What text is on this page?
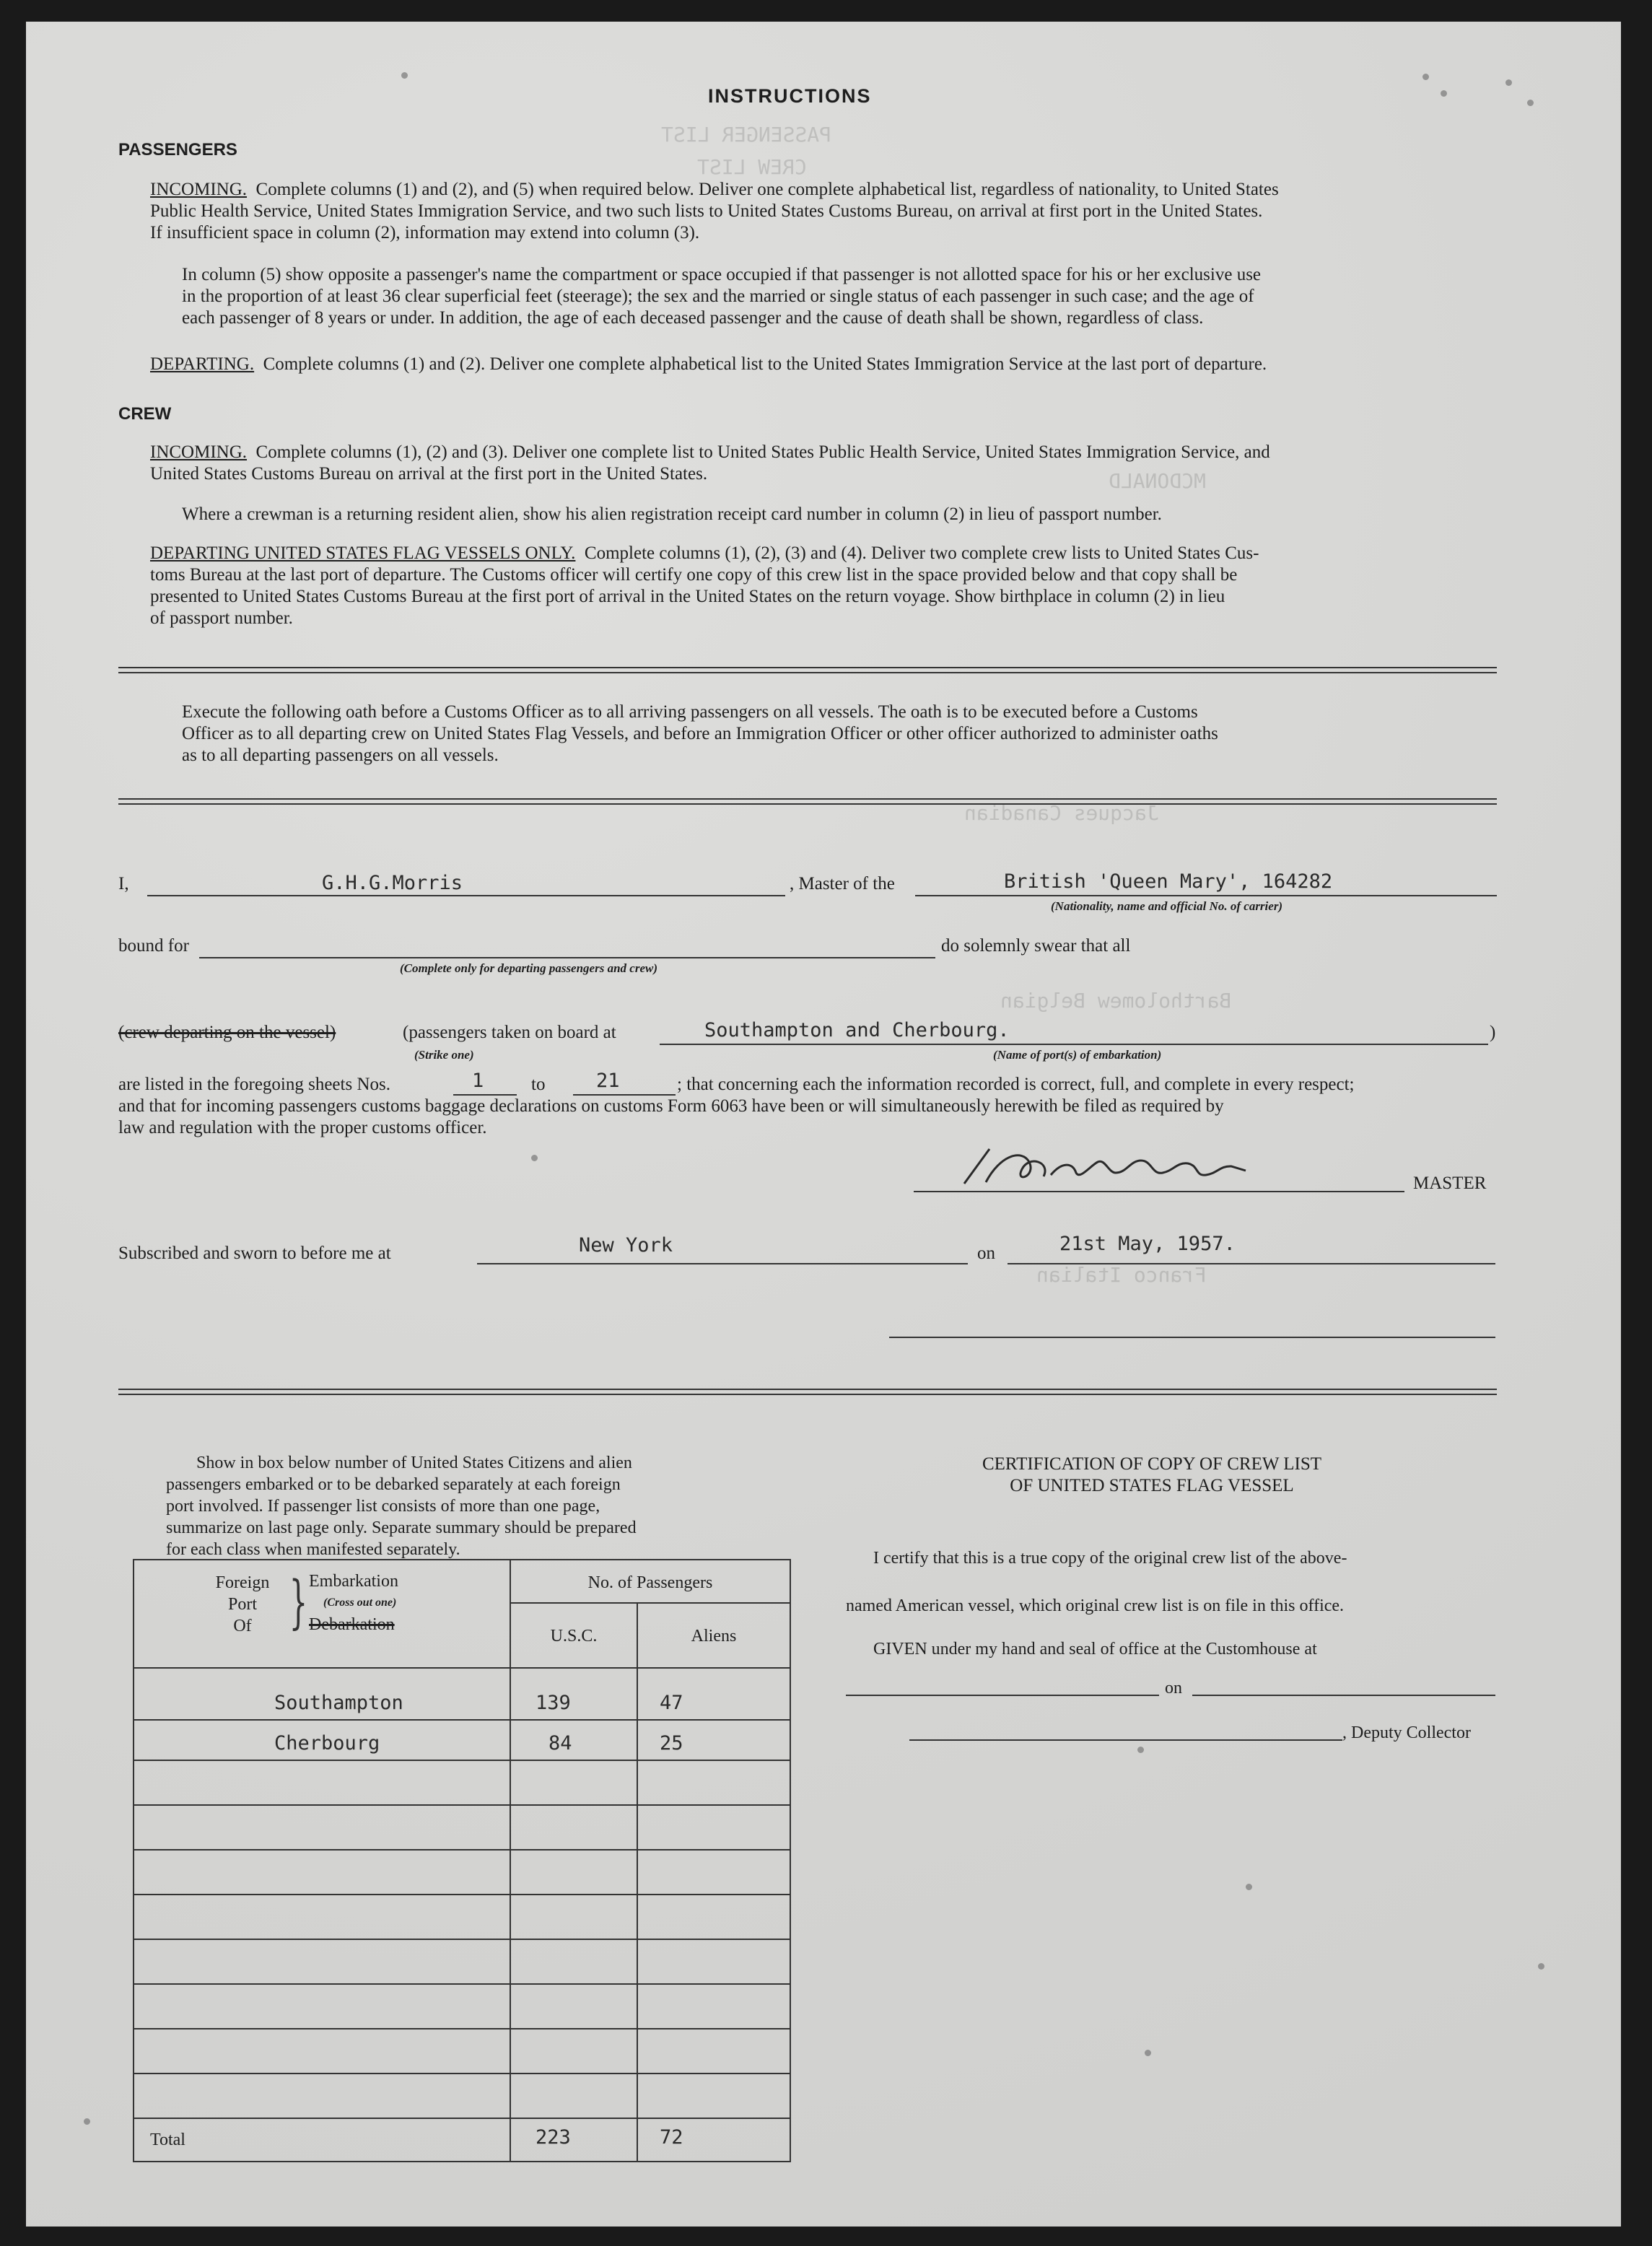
PASSENGER LIST
CREW LIST
MCDONALD
Jacques Canadian
Bartholomew Belgian
Franco Italian
INSTRUCTIONS
PASSENGERS
INCOMING. Complete columns (1) and (2), and (5) when required below. Deliver one complete alphabetical list, regardless of nationality, to United States
Public Health Service, United States Immigration Service, and two such lists to United States Customs Bureau, on arrival at first port in the United States.
If insufficient space in column (2), information may extend into column (3).
In column (5) show opposite a passenger's name the compartment or space occupied if that passenger is not allotted space for his or her exclusive use
in the proportion of at least 36 clear superficial feet (steerage); the sex and the married or single status of each passenger in such case; and the age of
each passenger of 8 years or under. In addition, the age of each deceased passenger and the cause of death shall be shown, regardless of class.
DEPARTING. Complete columns (1) and (2). Deliver one complete alphabetical list to the United States Immigration Service at the last port of departure.
CREW
INCOMING. Complete columns (1), (2) and (3). Deliver one complete list to United States Public Health Service, United States Immigration Service, and
United States Customs Bureau on arrival at the first port in the United States.
Where a crewman is a returning resident alien, show his alien registration receipt card number in column (2) in lieu of passport number.
DEPARTING UNITED STATES FLAG VESSELS ONLY. Complete columns (1), (2), (3) and (4). Deliver two complete crew lists to United States Cus-
toms Bureau at the last port of departure. The Customs officer will certify one copy of this crew list in the space provided below and that copy shall be
presented to United States Customs Bureau at the first port of arrival in the United States on the return voyage. Show birthplace in column (2) in lieu
of passport number.
Execute the following oath before a Customs Officer as to all arriving passengers on all vessels. The oath is to be executed before a Customs
Officer as to all departing crew on United States Flag Vessels, and before an Immigration Officer or other officer authorized to administer oaths
as to all departing passengers on all vessels.
I,	G.H.G.Morris	, Master of the	British 'Queen Mary', 164282
(Nationality, name and official No. of carrier)
bound for
(Complete only for departing passengers and crew)
do solemnly swear that all
(crew departing on the vessel)	(passengers taken on board at
(Strike one)
Southampton and Cherbourg.
(Name of port(s) of embarkation)
)
are listed in the foregoing sheets Nos.	1	to	21	; that concerning each the information recorded is correct, full, and complete in every respect;
and that for incoming passengers customs baggage declarations on customs Form 6063 have been or will simultaneously herewith be filed as required by
law and regulation with the proper customs officer.
MASTER
Subscribed and sworn to before me at	New York	on	21st May, 1957.
Show in box below number of United States Citizens and alien
passengers embarked or to be debarked separately at each foreign
port involved. If passenger list consists of more than one page,
summarize on last page only. Separate summary should be prepared
for each class when manifested separately.
Foreign
Port
Of } Embarkation
(Cross out one)
Debarkation
No. of Passengers
U.S.C.	Aliens
Southampton	139	47
Cherbourg	84	25
Total	223	72
CERTIFICATION OF COPY OF CREW LIST
OF UNITED STATES FLAG VESSEL
I certify that this is a true copy of the original crew list of the above-
named American vessel, which original crew list is on file in this office.
GIVEN under my hand and seal of office at the Customhouse at
on
, Deputy Collector
